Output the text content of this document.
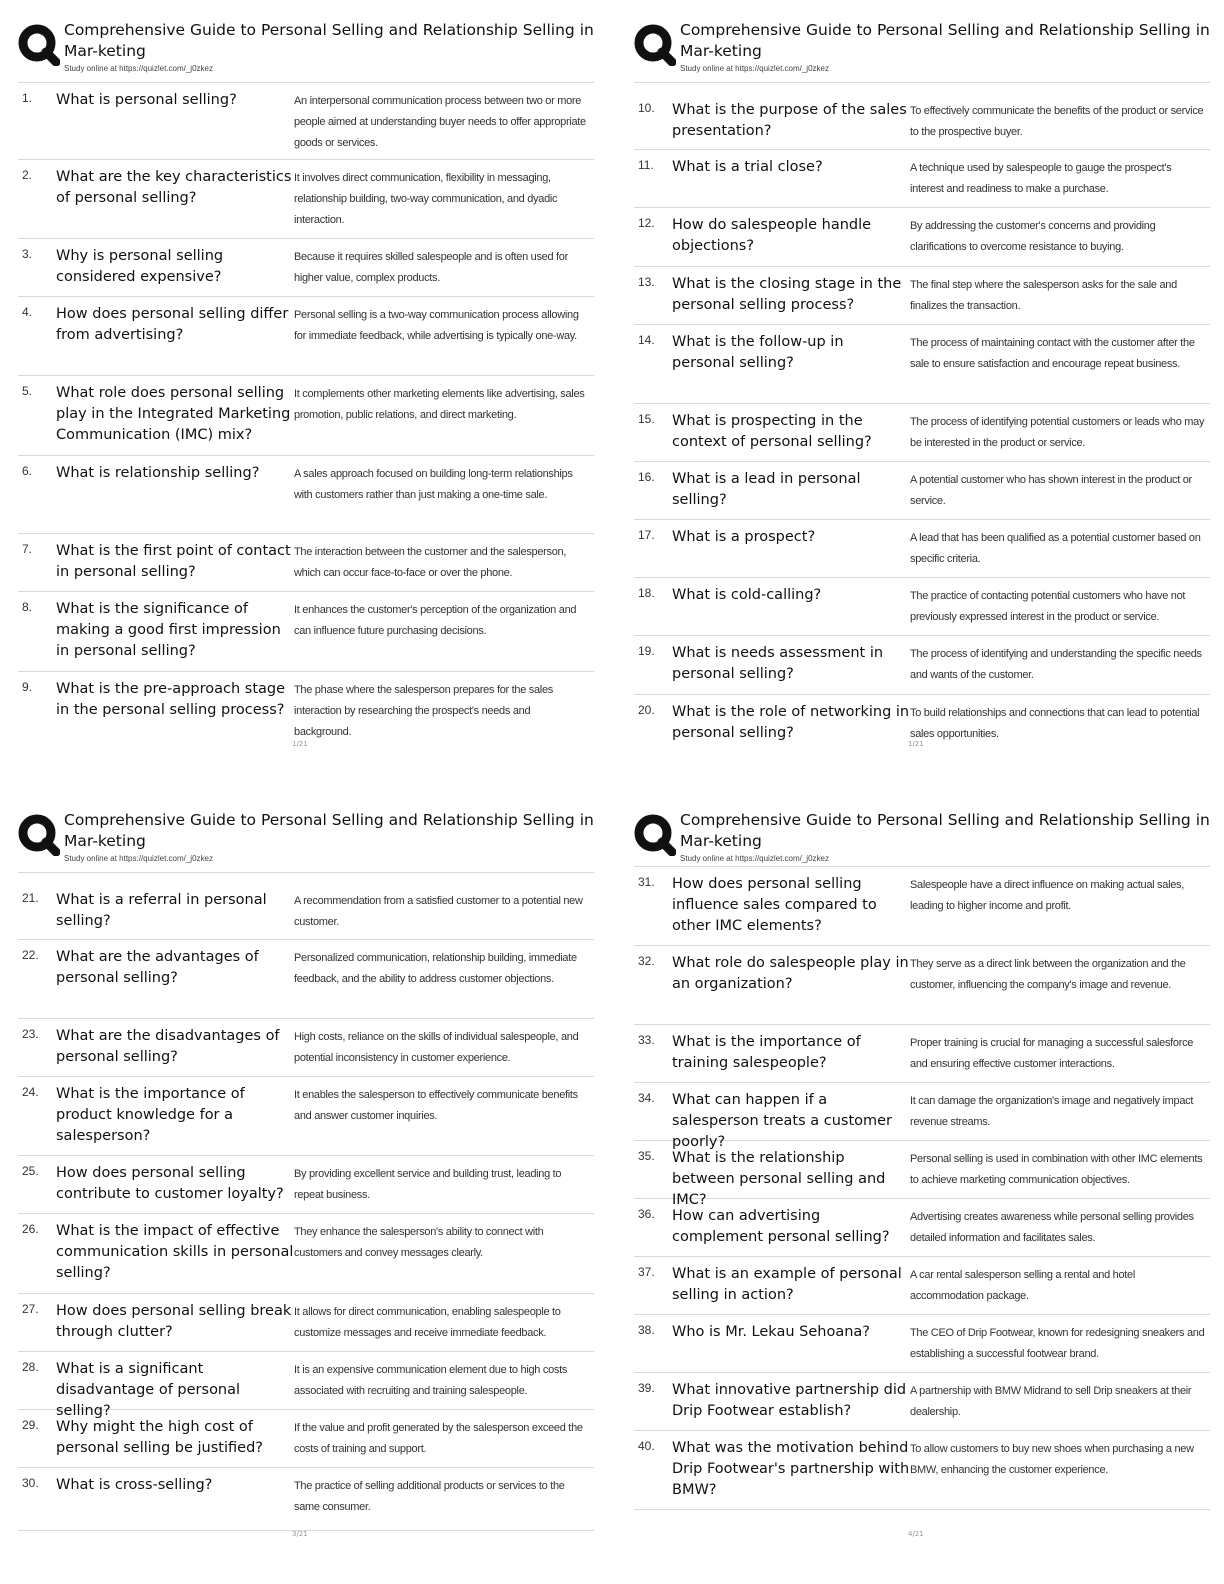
Comprehensive Guide to Personal Selling and Relationship Selling in Mar-keting
Study online at https://quizlet.com/_j0zkez
1. What is personal selling?	An interpersonal communication process between two or more people aimed at understanding buyer needs to offer appropriate goods or services.
2. What are the key characteristics of personal selling?
It involves direct communication, flexibility in messaging, relationship building, two-way communication, and dyadic interaction.
3. Why is personal selling considered expensive?
Because it requires skilled salespeople and is often used for higher value, complex products.
4. How does personal selling differ from advertising?
Personal selling is a two-way communication process allowing for immediate feedback, while advertising is typically one-way.
5. What role does personal selling play in the Integrated Marketing Communication (IMC) mix?
It complements other marketing elements like advertising, sales promotion, public relations, and direct marketing.
6. What is relationship selling?	A sales approach focused on building long-term relationships with customers rather than just making a one-time sale.
7. What is the first point of contact in personal selling?
The interaction between the customer and the salesperson, which can occur face-to-face or over the phone.
8. What is the significance of making a good first impression in personal selling?
It enhances the customer's perception of the organization and can influence future purchasing decisions.
9. What is the pre-approach stage in the personal selling process?
The phase where the salesperson prepares for the sales interaction by researching the prospect's needs and background.
1/21
Comprehensive Guide to Personal Selling and Relationship Selling in Mar-keting
Study online at https://quizlet.com/_j0zkez
10. What is the purpose of the sales presentation?
To effectively communicate the benefits of the product or service to the prospective buyer.
11. What is a trial close?	A technique used by salespeople to gauge the prospect's interest and readiness to make a purchase.
12. How do salespeople handle objections?
By addressing the customer's concerns and providing clarifications to overcome resistance to buying.
13. What is the closing stage in the personal selling process?
The final step where the salesperson asks for the sale and finalizes the transaction.
14. What is the follow-up in personal selling?
The process of maintaining contact with the customer after the sale to ensure satisfaction and encourage repeat business.
15. What is prospecting in the context of personal selling?
The process of identifying potential customers or leads who may be interested in the product or service.
16. What is a lead in personal selling?
A potential customer who has shown interest in the product or service.
17. What is a prospect?	A lead that has been qualified as a potential customer based on specific criteria.
18. What is cold-calling?	The practice of contacting potential customers who have not previously expressed interest in the product or service.
19. What is needs assessment in personal selling?
The process of identifying and understanding the specific needs and wants of the customer.
20. What is the role of networking in personal selling?
To build relationships and connections that can lead to potential sales opportunities.
1/21
Comprehensive Guide to Personal Selling and Relationship Selling in Mar-keting
Study online at https://quizlet.com/_j0zkez
21. What is a referral in personal selling?
A recommendation from a satisfied customer to a potential new customer.
22. What are the advantages of personal selling?
Personalized communication, relationship building, immediate feedback, and the ability to address customer objections.
23. What are the disadvantages of personal selling?
High costs, reliance on the skills of individual salespeople, and potential inconsistency in customer experience.
24. What is the importance of product knowledge for a salesperson?
It enables the salesperson to effectively communicate benefits and answer customer inquiries.
25. How does personal selling contribute to customer loyalty?
By providing excellent service and building trust, leading to repeat business.
26. What is the impact of effective communication skills in personal selling?
They enhance the salesperson's ability to connect with customers and convey messages clearly.
27. How does personal selling break through clutter?
It allows for direct communication, enabling salespeople to customize messages and receive immediate feedback.
28. What is a significant disadvantage of personal selling?
It is an expensive communication element due to high costs associated with recruiting and training salespeople.
29. Why might the high cost of personal selling be justified?
If the value and profit generated by the salesperson exceed the costs of training and support.
30. What is cross-selling?	The practice of selling additional products or services to the same consumer.
3/21
Comprehensive Guide to Personal Selling and Relationship Selling in Mar-keting
Study online at https://quizlet.com/_j0zkez
31. How does personal selling influence sales compared to other IMC elements?
Salespeople have a direct influence on making actual sales, leading to higher income and profit.
32. What role do salespeople play in an organization?
They serve as a direct link between the organization and the customer, influencing the company's image and revenue.
33. What is the importance of training salespeople?
Proper training is crucial for managing a successful salesforce and ensuring effective customer interactions.
34. What can happen if a salesperson treats a customer poorly?
It can damage the organization's image and negatively impact revenue streams.
35. What is the relationship between personal selling and IMC?
Personal selling is used in combination with other IMC elements to achieve marketing communication objectives.
36. How can advertising complement personal selling?
Advertising creates awareness while personal selling provides detailed information and facilitates sales.
37. What is an example of personal selling in action?
A car rental salesperson selling a rental and hotel accommodation package.
38. Who is Mr. Lekau Sehoana?	The CEO of Drip Footwear, known for redesigning sneakers and establishing a successful footwear brand.
39. What innovative partnership did Drip Footwear establish?
A partnership with BMW Midrand to sell Drip sneakers at their dealership.
40. What was the motivation behind Drip Footwear's partnership with BMW?
To allow customers to buy new shoes when purchasing a new BMW, enhancing the customer experience.
4/21
